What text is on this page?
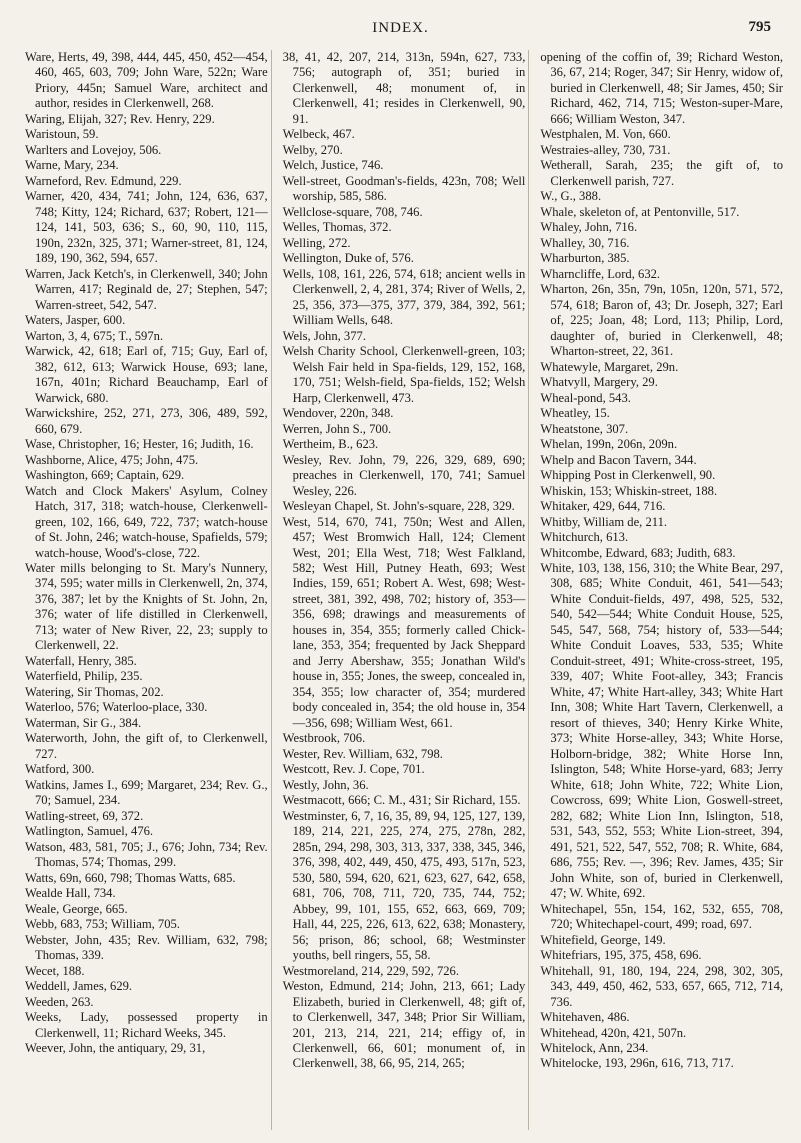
INDEX.	795

Ware, Herts, 49, 398, 444, 445, 450, 452—454, 460, 465, 603, 709; John Ware, 522n; Ware Priory, 445n; Samuel Ware, architect and author, resides in Clerkenwell, 268.

Waring, Elijah, 327; Rev. Henry, 229.

Waristoun, 59.

Warlters and Lovejoy, 506.

Warne, Mary, 234.

Warneford, Rev. Edmund, 229.

Warner, 420, 434, 741; John, 124, 636, 637, 748; Kitty, 124; Richard, 637; Robert, 121—124, 141, 503, 636; S., 60, 90, 110, 115, 190n, 232n, 325, 371; Warner-street, 81, 124, 189, 190, 362, 594, 657.

Warren, Jack Ketch's, in Clerkenwell, 340; John Warren, 417; Reginald de, 27; Stephen, 547; Warren-street, 542, 547.

Waters, Jasper, 600.

Warton, 3, 4, 675; T., 597n.

Warwick, 42, 618; Earl of, 715; Guy, Earl of, 382, 612, 613; Warwick House, 693; lane, 167n, 401n; Richard Beauchamp, Earl of Warwick, 680.

Warwickshire, 252, 271, 273, 306, 489, 592, 660, 679.

Wase, Christopher, 16; Hester, 16; Judith, 16.

Washborne, Alice, 475; John, 475.

Washington, 669; Captain, 629.

Watch and Clock Makers' Asylum, Colney Hatch, 317, 318; watch-house, Clerkenwell-green, 102, 166, 649, 722, 737; watch-house of St. John, 246; watch-house, Spafields, 579; watch-house, Wood's-close, 722.

Water mills belonging to St. Mary's Nunnery, 374, 595; water mills in Clerkenwell, 2n, 374, 376, 387; let by the Knights of St. John, 2n, 376; water of life distilled in Clerkenwell, 713; water of New River, 22, 23; supply to Clerkenwell, 22.

Waterfall, Henry, 385.

Waterfield, Philip, 235.

Watering, Sir Thomas, 202.

Waterloo, 576; Waterloo-place, 330.

Waterman, Sir G., 384.

Waterworth, John, the gift of, to Clerkenwell, 727.

Watford, 300.

Watkins, James I., 699; Margaret, 234; Rev. G., 70; Samuel, 234.

Watling-street, 69, 372.

Watlington, Samuel, 476.

Watson, 483, 581, 705; J., 676; John, 734; Rev. Thomas, 574; Thomas, 299.

Watts, 69n, 660, 798; Thomas Watts, 685.

Wealde Hall, 734.

Weale, George, 665.

Webb, 683, 753; William, 705.

Webster, John, 435; Rev. William, 632, 798; Thomas, 339.

Wecet, 188.

Weddell, James, 629.

Weeden, 263.

Weeks, Lady, possessed property in Clerkenwell, 11; Richard Weeks, 345.

Weever, John, the antiquary, 29, 31,

38, 41, 42, 207, 214, 313n, 594n, 627, 733, 756; autograph of, 351; buried in Clerkenwell, 48; monument of, in Clerkenwell, 41; resides in Clerkenwell, 90, 91.

Welbeck, 467.

Welby, 270.

Welch, Justice, 746.

Well-street, Goodman's-fields, 423n, 708; Well worship, 585, 586.

Wellclose-square, 708, 746.

Welles, Thomas, 372.

Welling, 272.

Wellington, Duke of, 576.

Wells, 108, 161, 226, 574, 618; ancient wells in Clerkenwell, 2, 4, 281, 374; River of Wells, 2, 25, 356, 373—375, 377, 379, 384, 392, 561; William Wells, 648.

Wels, John, 377.

Welsh Charity School, Clerkenwell-green, 103; Welsh Fair held in Spa-fields, 129, 152, 168, 170, 751; Welsh-field, Spa-fields, 152; Welsh Harp, Clerkenwell, 473.

Wendover, 220n, 348.

Werren, John S., 700.

Wertheim, B., 623.

Wesley, Rev. John, 79, 226, 329, 689, 690; preaches in Clerkenwell, 170, 741; Samuel Wesley, 226.

Wesleyan Chapel, St. John's-square, 228, 329.

West, 514, 670, 741, 750n; West and Allen, 457; West Bromwich Hall, 124; Clement West, 201; Ella West, 718; West Falkland, 582; West Hill, Putney Heath, 693; West Indies, 159, 651; Robert A. West, 698; West-street, 381, 392, 498, 702; history of, 353—356, 698; drawings and measurements of houses in, 354, 355; formerly called Chick-lane, 353, 354; frequented by Jack Sheppard and Jerry Abershaw, 355; Jonathan Wild's house in, 355; Jones, the sweep, concealed in, 354, 355; low character of, 354; murdered body concealed in, 354; the old house in, 354—356, 698; William West, 661.

Westbrook, 706.

Wester, Rev. William, 632, 798.

Westcott, Rev. J. Cope, 701.

Westly, John, 36.

Westmacott, 666; C. M., 431; Sir Richard, 155.

Westminster, 6, 7, 16, 35, 89, 94, 125, 127, 139, 189, 214, 221, 225, 274, 275, 278n, 282, 285n, 294, 298, 303, 313, 337, 338, 345, 346, 376, 398, 402, 449, 450, 475, 493, 517n, 523, 530, 580, 594, 620, 621, 623, 627, 642, 658, 681, 706, 708, 711, 720, 735, 744, 752; Abbey, 99, 101, 155, 652, 663, 669, 709; Hall, 44, 225, 226, 613, 622, 638; Monastery, 56; prison, 86; school, 68; Westminster youths, bell ringers, 55, 58.

Westmoreland, 214, 229, 592, 726.

Weston, Edmund, 214; John, 213, 661; Lady Elizabeth, buried in Clerkenwell, 48; gift of, to Clerkenwell, 347, 348; Prior Sir William, 201, 213, 214, 221, 214; effigy of, in Clerkenwell, 66, 601; monument of, in Clerkenwell, 38, 66, 95, 214, 265;

opening of the coffin of, 39; Richard Weston, 36, 67, 214; Roger, 347; Sir Henry, widow of, buried in Clerkenwell, 48; Sir James, 450; Sir Richard, 462, 714, 715; Weston-super-Mare, 666; William Weston, 347.

Westphalen, M. Von, 660.

Westraies-alley, 730, 731.

Wetherall, Sarah, 235; the gift of, to Clerkenwell parish, 727.

W., G., 388.

Whale, skeleton of, at Pentonville, 517.

Whaley, John, 716.

Whalley, 30, 716.

Wharburton, 385.

Wharncliffe, Lord, 632.

Wharton, 26n, 35n, 79n, 105n, 120n, 571, 572, 574, 618; Baron of, 43; Dr. Joseph, 327; Earl of, 225; Joan, 48; Lord, 113; Philip, Lord, daughter of, buried in Clerkenwell, 48; Wharton-street, 22, 361.

Whatewyle, Margaret, 29n.

Whatvyll, Margery, 29.

Wheal-pond, 543.

Wheatley, 15.

Wheatstone, 307.

Whelan, 199n, 206n, 209n.

Whelp and Bacon Tavern, 344.

Whipping Post in Clerkenwell, 90.

Whiskin, 153; Whiskin-street, 188.

Whitaker, 429, 644, 716.

Whitby, William de, 211.

Whitchurch, 613.

Whitcombe, Edward, 683; Judith, 683.

White, 103, 138, 156, 310; the White Bear, 297, 308, 685; White Conduit, 461, 541—543; White Conduit-fields, 497, 498, 525, 532, 540, 542—544; White Conduit House, 525, 545, 547, 568, 754; history of, 533—544; White Conduit Loaves, 533, 535; White Conduit-street, 491; White-cross-street, 195, 339, 407; White Foot-alley, 343; Francis White, 47; White Hart-alley, 343; White Hart Inn, 308; White Hart Tavern, Clerkenwell, a resort of thieves, 340; Henry Kirke White, 373; White Horse-alley, 343; White Horse, Holborn-bridge, 382; White Horse Inn, Islington, 548; White Horse-yard, 683; Jerry White, 618; John White, 722; White Lion, Cowcross, 699; White Lion, Goswell-street, 282, 682; White Lion Inn, Islington, 518, 531, 543, 552, 553; White Lion-street, 394, 491, 521, 522, 547, 552, 708; R. White, 684, 686, 755; Rev. —, 396; Rev. James, 435; Sir John White, son of, buried in Clerkenwell, 47; W. White, 692.

Whitechapel, 55n, 154, 162, 532, 655, 708, 720; Whitechapel-court, 499; road, 697.

Whitefield, George, 149.

Whitefriars, 195, 375, 458, 696.

Whitehall, 91, 180, 194, 224, 298, 302, 305, 343, 449, 450, 462, 533, 657, 665, 712, 714, 736.

Whitehaven, 486.

Whitehead, 420n, 421, 507n.

Whitelock, Ann, 234.

Whitelocke, 193, 296n, 616, 713, 717.
